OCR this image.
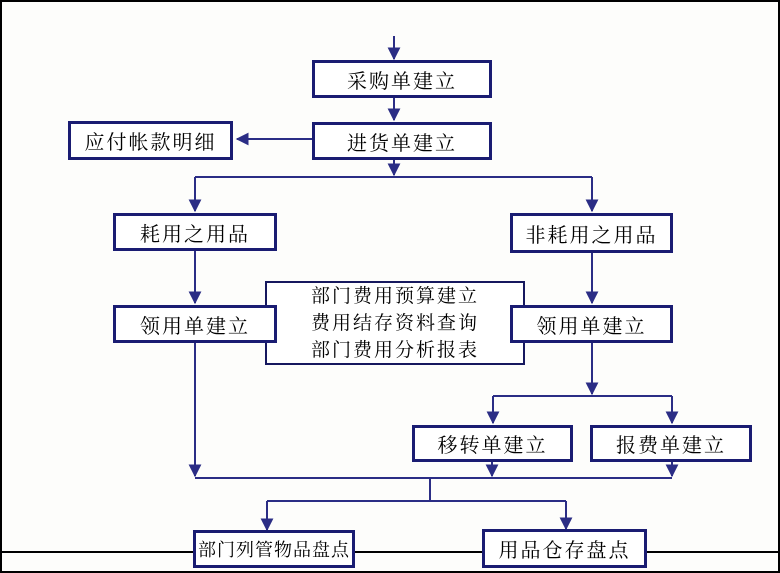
部门费用预算建立
费用结存资料查询
部门费用分析报表
采购单建立
进货单建立
应付帐款明细
耗用之用品	非耗用之用品
领用单建立	领用单建立
移转单建立	报费单建立
部门列管物品盘点	用品仓存盘点
